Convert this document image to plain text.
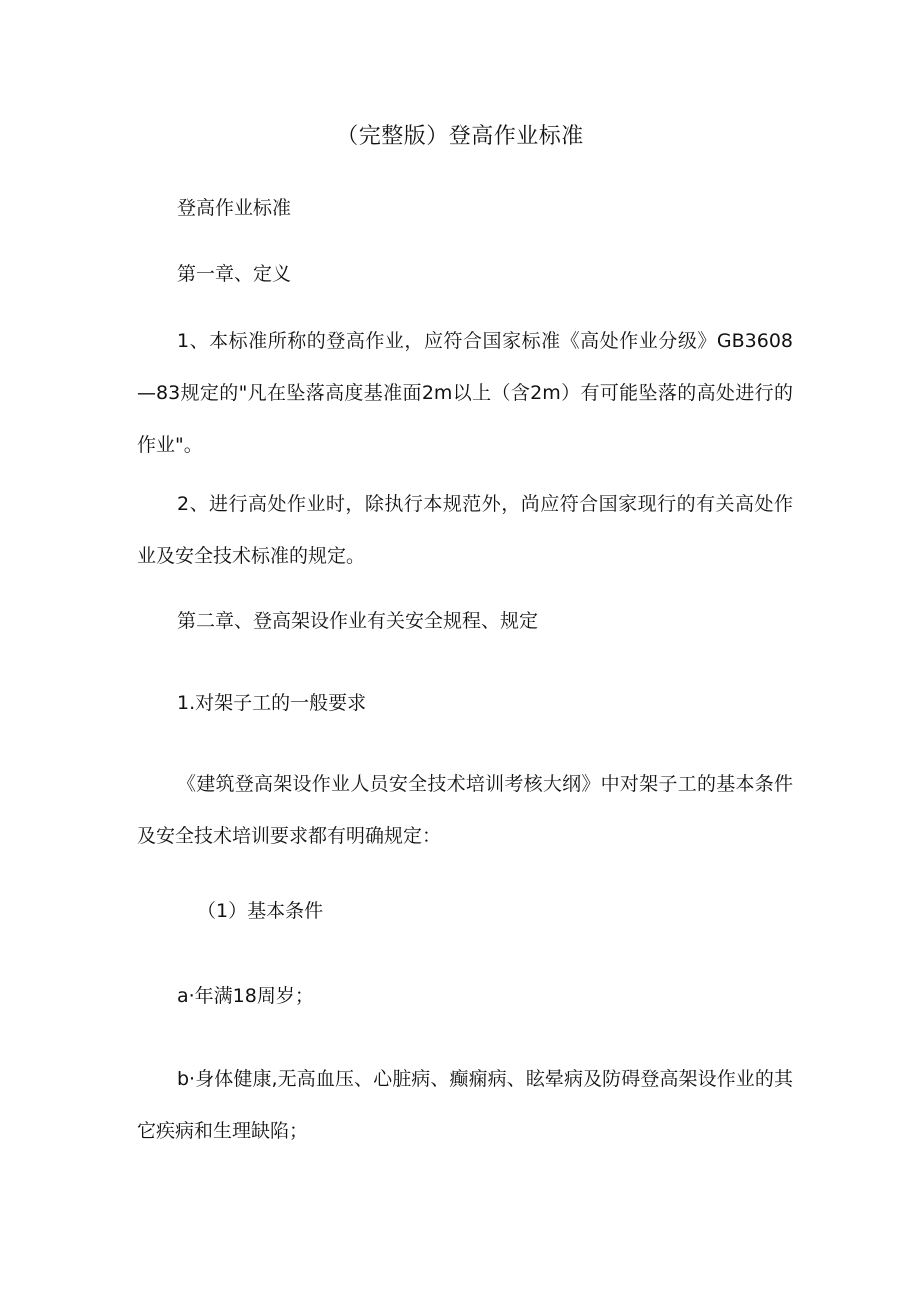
（完整版）登高作业标准

登高作业标准

第一章、定义

1、本标准所称的登高作业，应符合国家标准《高处作业分级》GB3608—83规定的"凡在坠落高度基准面2m以上（含2m）有可能坠落的高处进行的作业"。

2、进行高处作业时，除执行本规范外，尚应符合国家现行的有关高处作业及安全技术标准的规定。

第二章、登高架设作业有关安全规程、规定

1.对架子工的一般要求

《建筑登高架设作业人员安全技术培训考核大纲》中对架子工的基本条件及安全技术培训要求都有明确规定：

（1）基本条件

a·年满18周岁；

b·身体健康,无高血压、心脏病、癫痫病、眩晕病及防碍登高架设作业的其它疾病和生理缺陷；
